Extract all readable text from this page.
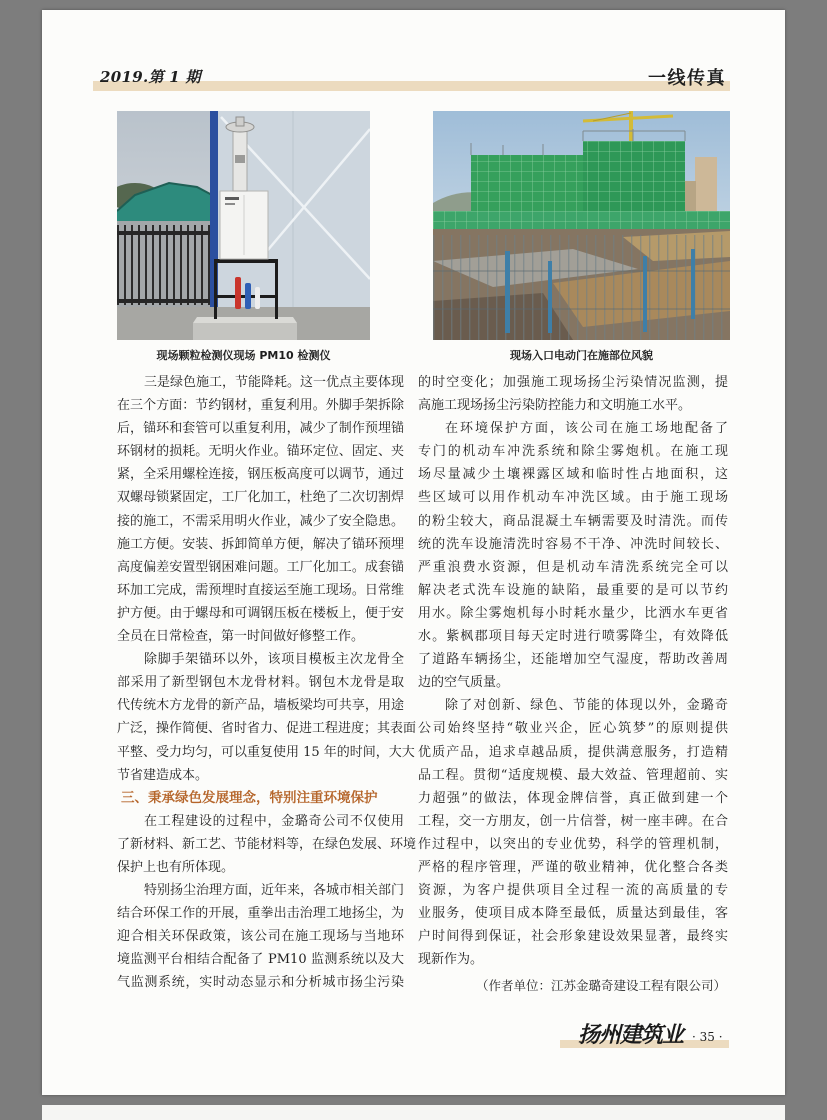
2019.第 1 期	一线传真
现场颗粒检测仪现场 PM10 检测仪	现场入口电动门在施部位风貌
三是绿色施工，节能降耗。这一优点主要体现
在三个方面：节约钢材，重复利用。外脚手架拆除
后，锚环和套管可以重复利用，减少了制作预埋锚
环钢材的损耗。无明火作业。锚环定位、固定、夹
紧，全采用螺栓连接，钢压板高度可以调节，通过
双螺母锁紧固定，工厂化加工，杜绝了二次切割焊
接的施工，不需采用明火作业，减少了安全隐患。
施工方便。安装、拆卸简单方便，解决了锚环预埋
高度偏差安置型钢困难问题。工厂化加工。成套锚
环加工完成，需预埋时直接运至施工现场。日常维
护方便。由于螺母和可调钢压板在楼板上，便于安
全员在日常检查，第一时间做好修整工作。
除脚手架锚环以外，该项目模板主次龙骨全
部采用了新型钢包木龙骨材料。钢包木龙骨是取
代传统木方龙骨的新产品，墙板梁均可共享，用途
广泛，操作简便、省时省力、促进工程进度；其表面
平整、受力均匀，可以重复使用 15 年的时间，大大
节省建造成本。
三、秉承绿色发展理念，特别注重环境保护
在工程建设的过程中，金璐奇公司不仅使用
了新材料、新工艺、节能材料等，在绿色发展、环境
保护上也有所体现。
特别扬尘治理方面，近年来，各城市相关部门
结合环保工作的开展，重拳出击治理工地扬尘，为
迎合相关环保政策，该公司在施工现场与当地环
境监测平台相结合配备了 PM10 监测系统以及大
气监测系统，实时动态显示和分析城市扬尘污染
的时空变化；加强施工现场扬尘污染情况监测，提
高施工现场扬尘污染防控能力和文明施工水平。
在环境保护方面，该公司在施工场地配备了
专门的机动车冲洗系统和除尘雾炮机。在施工现
场尽量减少土壤裸露区域和临时性占地面积，这
些区域可以用作机动车冲洗区域。由于施工现场
的粉尘较大，商品混凝土车辆需要及时清洗。而传
统的洗车设施清洗时容易不干净、冲洗时间较长、
严重浪费水资源，但是机动车清洗系统完全可以
解决老式洗车设施的缺陷，最重要的是可以节约
用水。除尘雾炮机每小时耗水量少，比洒水车更省
水。紫枫郡项目每天定时进行喷雾降尘，有效降低
了道路车辆扬尘，还能增加空气湿度，帮助改善周
边的空气质量。
除了对创新、绿色、节能的体现以外，金璐奇
公司始终坚持“敬业兴企，匠心筑梦”的原则提供
优质产品，追求卓越品质，提供满意服务，打造精
品工程。贯彻“适度规模、最大效益、管理超前、实
力超强”的做法，体现金牌信誉，真正做到建一个
工程，交一方朋友，创一片信誉，树一座丰碑。在合
作过程中，以突出的专业优势，科学的管理机制，
严格的程序管理，严谨的敬业精神，优化整合各类
资源，为客户提供项目全过程一流的高质量的专
业服务，使项目成本降至最低，质量达到最佳，客
户时间得到保证，社会形象建设效果显著，最终实
现新作为。
（作者单位：江苏金璐奇建设工程有限公司）
扬州建筑业 · 35 ·
